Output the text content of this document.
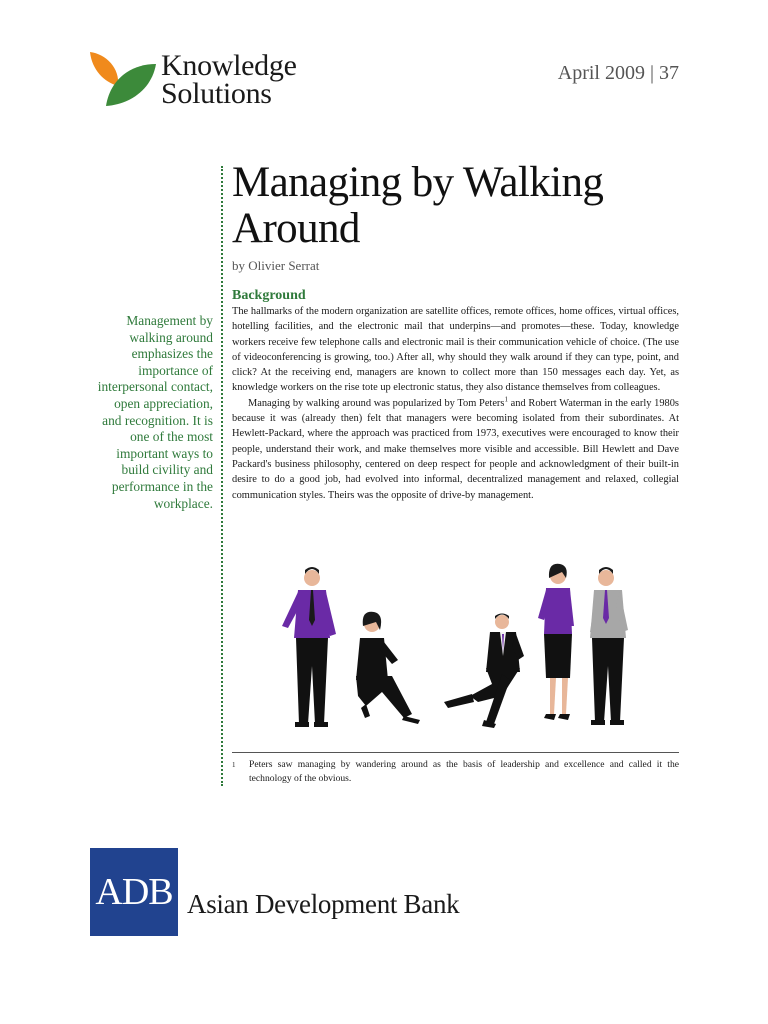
Knowledge
Solutions
April 2009 | 37
Managing by Walking Around
by Olivier Serrat
Background

The hallmarks of the modern organization are satellite offices, remote offices, home offices, virtual offices, hotelling facilities, and the electronic mail that underpins—and promotes—these. Today, knowledge workers receive few telephone calls and electronic mail is their communication vehicle of choice. (The use of videoconferencing is growing, too.) After all, why should they walk around if they can type, point, and click? At the receiving end, managers are known to collect more than 150 messages each day. Yet, as knowledge workers on the rise tote up electronic status, they also distance themselves from colleagues.

Managing by walking around was popularized by Tom Peters$^1$ and Robert Waterman in the early 1980s because it was (already then) felt that managers were becoming isolated from their subordinates. At Hewlett-Packard, where the approach was practiced from 1973, executives were encouraged to know their people, understand their work, and make themselves more visible and accessible. Bill Hewlett and Dave Packard's business philosophy, centered on deep respect for people and acknowledgment of their built-in desire to do a good job, had evolved into informal, decentralized management and relaxed, collegial communication styles. Theirs was the opposite of drive-by management.

Management by walking around emphasizes the importance of interpersonal contact, open appreciation, and recognition. It is one of the most important ways to build civility and performance in the workplace.
1 Peters saw managing by wandering around as the basis of leadership and excellence and called it the technology of the obvious.
ADB Asian Development Bank
